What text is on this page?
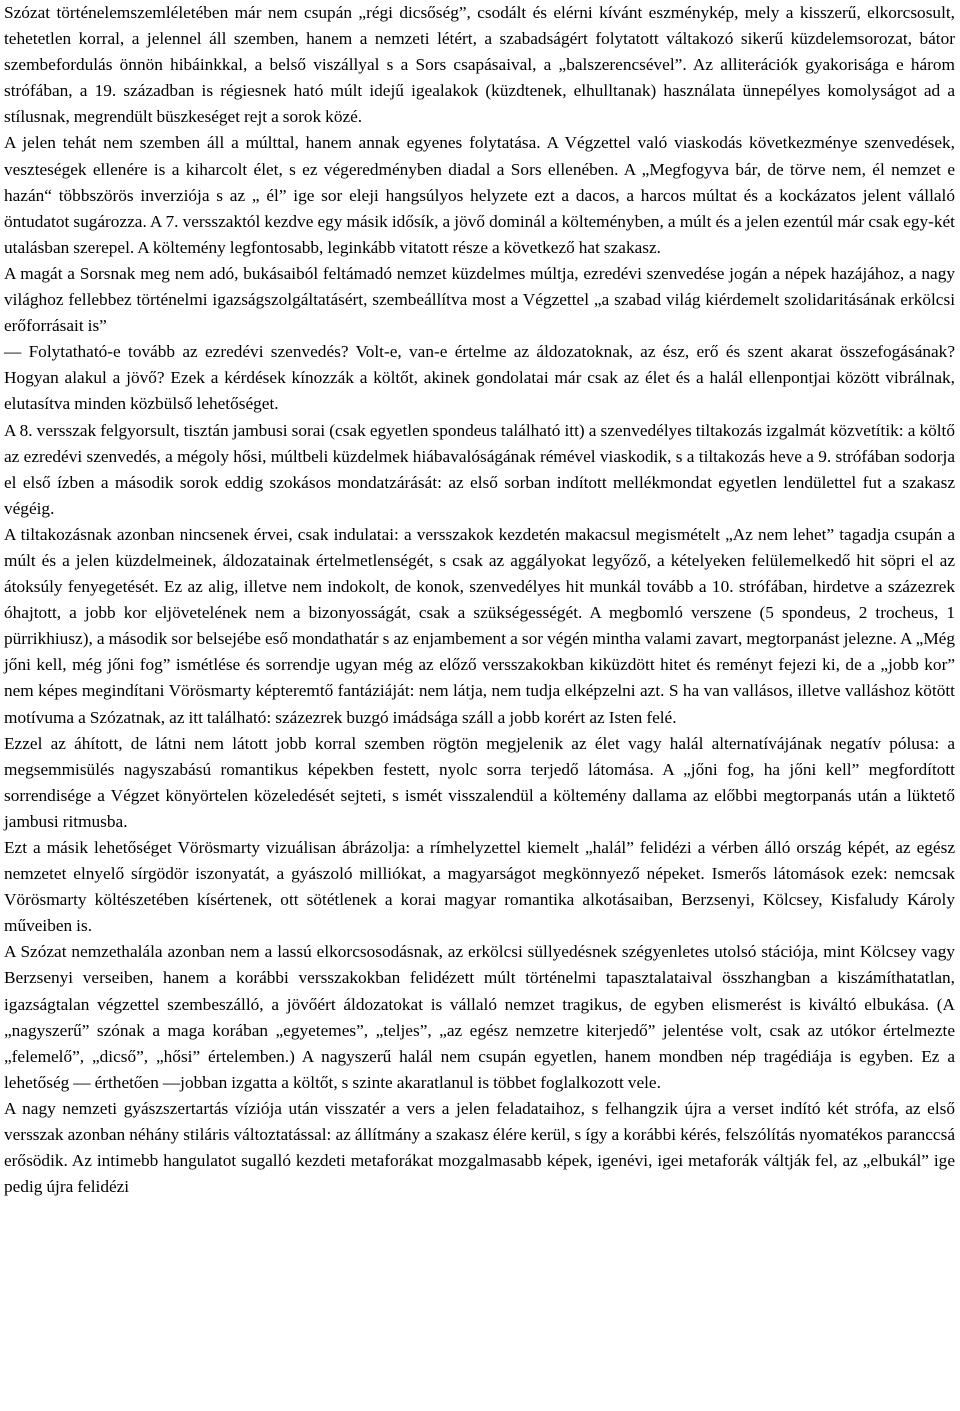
Szózat történelemszemléletében már nem csupán „régi dicsőség”, csodált és elérni kívánt eszménykép, mely a kisszerű, elkorcsosult, tehetetlen korral, a jelennel áll szemben, hanem a nemzeti létért, a szabadságért folytatott váltakozó sikerű küzdelemsorozat, bátor szembefordulás önnön hibáinkkal, a belső viszállyal s a Sors csapásaival, a „balszerencsével”. Az alliterációk gyakorisága e három strófában, a 19. században is régiesnek ható múlt idejű igealakok (küzdtenek, elhulltanak) használata ünnepélyes komolyságot ad a stílusnak, megrendült büszkeséget rejt a sorok közé.

A jelen tehát nem szemben áll a múlttal, hanem annak egyenes folytatása. A Végzettel való viaskodás következménye szenvedések, veszteségek ellenére is a kiharcolt élet, s ez végeredményben diadal a Sors ellenében. A „Megfogyva bár, de törve nem, él nemzet e hazán“ többszörös inverziója s az „ él” ige sor eleji hangsúlyos helyzete ezt a dacos, a harcos múltat és a kockázatos jelent vállaló öntudatot sugározza. A 7. versszaktól kezdve egy másik idősík, a jövő dominál a költeményben, a múlt és a jelen ezentúl már csak egy-két utalásban szerepel. A költemény legfontosabb, leginkább vitatott része a következő hat szakasz.

A magát a Sorsnak meg nem adó, bukásaiból feltámadó nemzet küzdelmes múltja, ezredévi szenvedése jogán a népek hazájához, a nagy világhoz fellebbez történelmi igazságszolgáltatásért, szembeállítva most a Végzettel „a szabad világ kiérdemelt szolidaritásának erkölcsi erőforrásait is”

— Folytatható-e tovább az ezredévi szenvedés? Volt-e, van-e értelme az áldozatoknak, az ész, erő és szent akarat összefogásának? Hogyan alakul a jövő? Ezek a kérdések kínozzák a költőt, akinek gondolatai már csak az élet és a halál ellenpontjai között vibrálnak, elutasítva minden közbülső lehetőséget.

A 8. versszak felgyorsult, tisztán jambusi sorai (csak egyetlen spondeus található itt) a szenvedélyes tiltakozás izgalmát közvetítik: a költő az ezredévi szenvedés, a mégoly hősi, múltbeli küzdelmek hiábavalóságának rémével viaskodik, s a tiltakozás heve a 9. strófában sodorja el első ízben a második sorok eddig szokásos mondatzárását: az első sorban indított mellékmondat egyetlen lendülettel fut a szakasz végéig.

A tiltakozásnak azonban nincsenek érvei, csak indulatai: a versszakok kezdetén makacsul megismételt „Az nem lehet” tagadja csupán a múlt és a jelen küzdelmeinek, áldozatainak értelmetlenségét, s csak az aggályokat legyőző, a kételyeken felülemelkedő hit söpri el az átoksúly fenyegetését. Ez az alig, illetve nem indokolt, de konok, szenvedélyes hit munkál tovább a 10. strófában, hirdetve a százezrek óhajtott, a jobb kor eljövetelének nem a bizonyosságát, csak a szükségességét. A megbomló verszene (5 spondeus, 2 trocheus, 1 pürrikhiusz), a második sor belsejébe eső mondathatár s az enjambement a sor végén mintha valami zavart, megtorpanást jelezne. A „Még jőni kell, még jőni fog” ismétlése és sorrendje ugyan még az előző versszakokban kiküzdött hitet és reményt fejezi ki, de a „jobb kor” nem képes megindítani Vörösmarty képteremtő fantáziáját: nem látja, nem tudja elképzelni azt. S ha van vallásos, illetve valláshoz kötött motívuma a Szózatnak, az itt található: százezrek buzgó imádsága száll a jobb korért az Isten felé.

Ezzel az áhított, de látni nem látott jobb korral szemben rögtön megjelenik az élet vagy halál alternatívájának negatív pólusa: a megsemmisülés nagyszabású romantikus képekben festett, nyolc sorra terjedő látomása. A „jőni fog, ha jőni kell” megfordított sorrendisége a Végzet könyörtelen közeledését sejteti, s ismét visszalendül a költemény dallama az előbbi megtorpanás után a lüktető jambusi ritmusba.

Ezt a másik lehetőséget Vörösmarty vizuálisan ábrázolja: a rímhelyzettel kiemelt „halál” felidézi a vérben álló ország képét, az egész nemzetet elnyelő sírgödör iszonyatát, a gyászoló milliókat, a magyarságot megkönnyező népeket. Ismerős látomások ezek: nemcsak Vörösmarty költészetében kísértenek, ott sötétlenek a korai magyar romantika alkotásaiban, Berzsenyi, Kölcsey, Kisfaludy Károly műveiben is.

A Szózat nemzethalála azonban nem a lassú elkorcsosodásnak, az erkölcsi süllyedésnek szégyenletes utolsó stációja, mint Kölcsey vagy Berzsenyi verseiben, hanem a korábbi versszakokban felidézett múlt történelmi tapasztalataival összhangban a kiszámíthatatlan, igazságtalan végzettel szembeszálló, a jövőért áldozatokat is vállaló nemzet tragikus, de egyben elismerést is kiváltó elbukása. (A „nagyszerű” szónak a maga korában „egyetemes”, „teljes”, „az egész nemzetre kiterjedő” jelentése volt, csak az utókor értelmezte „felemelő”, „dicső”, „hősi” értelemben.) A nagyszerű halál nem csupán egyetlen, hanem mondben nép tragédiája is egyben. Ez a lehetőség — érthetően —jobban izgatta a költőt, s szinte akaratlanul is többet foglalkozott vele.

A nagy nemzeti gyászszertartás víziója után visszatér a vers a jelen feladataihoz, s felhangzik újra a verset indító két strófa, az első versszak azonban néhány stiláris változtatással: az állítmány a szakasz élére kerül, s így a korábbi kérés, felszólítás nyomatékos paranccsá erősödik. Az intimebb hangulatot sugalló kezdeti metaforákat mozgalmasabb képek, igenévi, igei metaforák váltják fel, az „elbukál” ige pedig újra felidézi
